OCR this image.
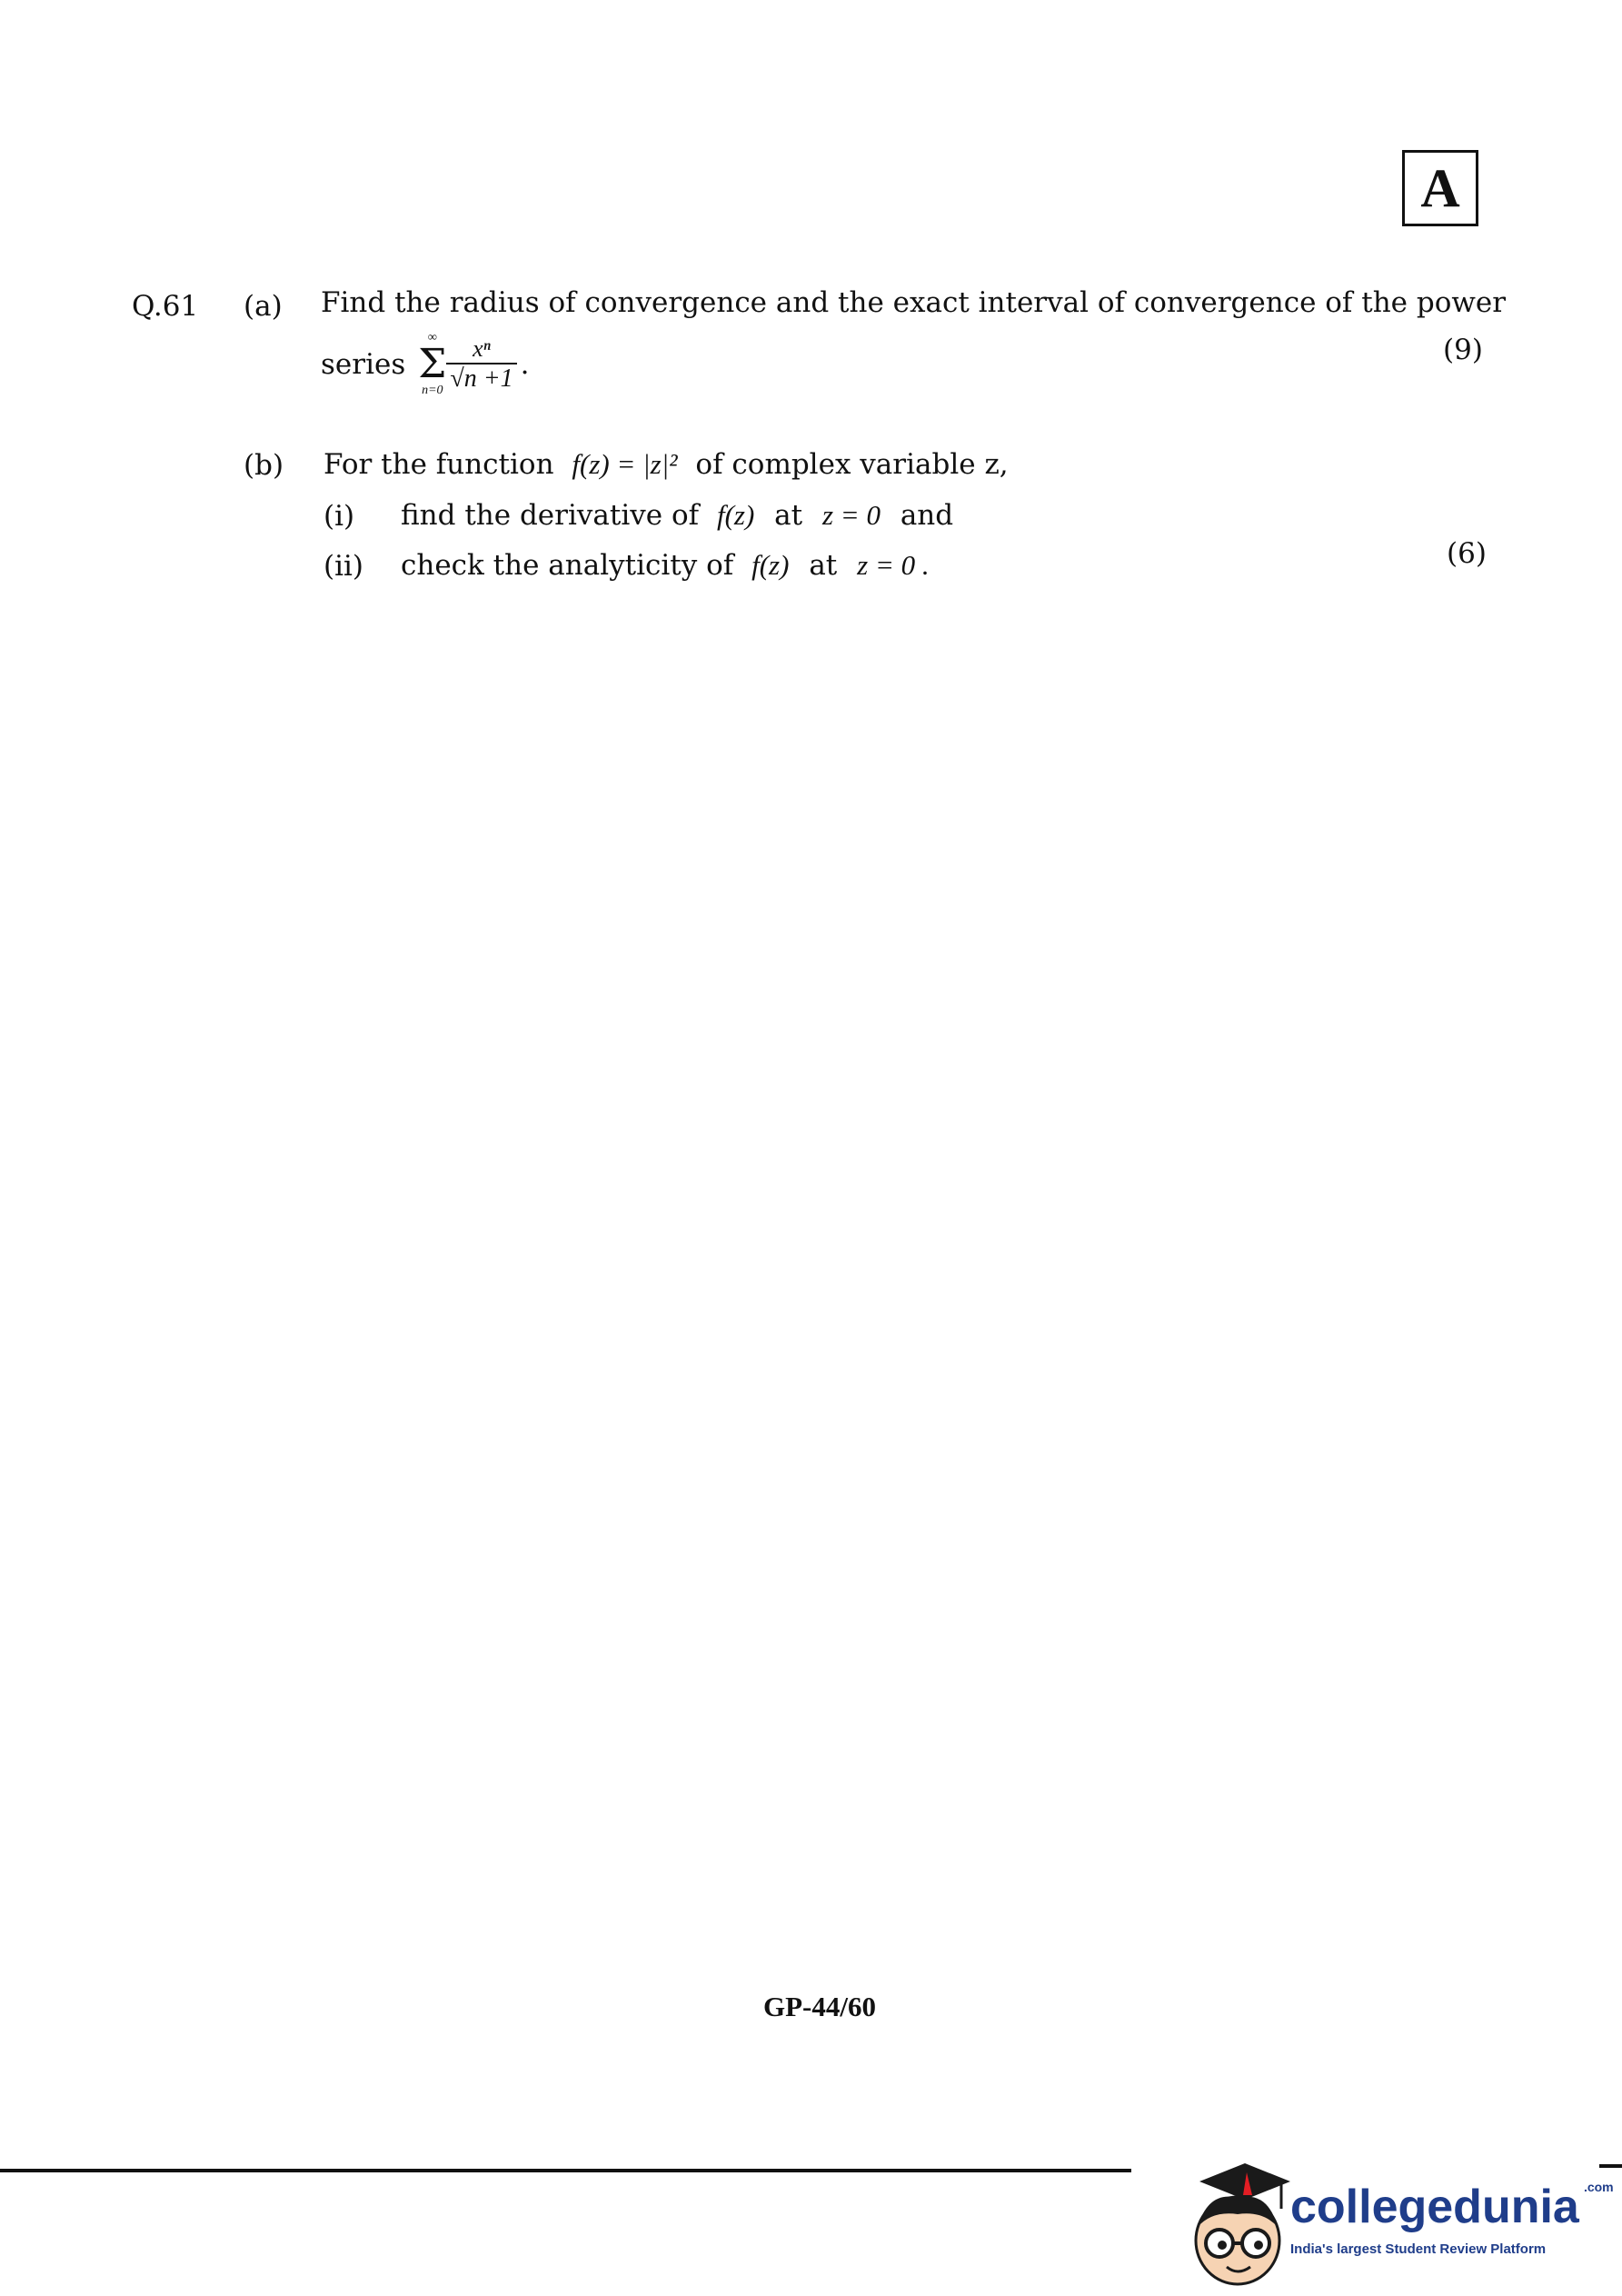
A
Q.61 (a) Find the radius of convergence and the exact interval of convergence of the power
series
∞
Σ
$n=0 \frac{\text{xⁿ}}{√n +1}$ .	(9)
(b) For the function f(z) = |z|² of complex variable z,
(i) find the derivative of f(z) at z = 0 and
(ii) check the analyticity of f(z) at z = 0 .	(6)
GP-44/60
collegedunia .com
India's largest Student Review Platform
